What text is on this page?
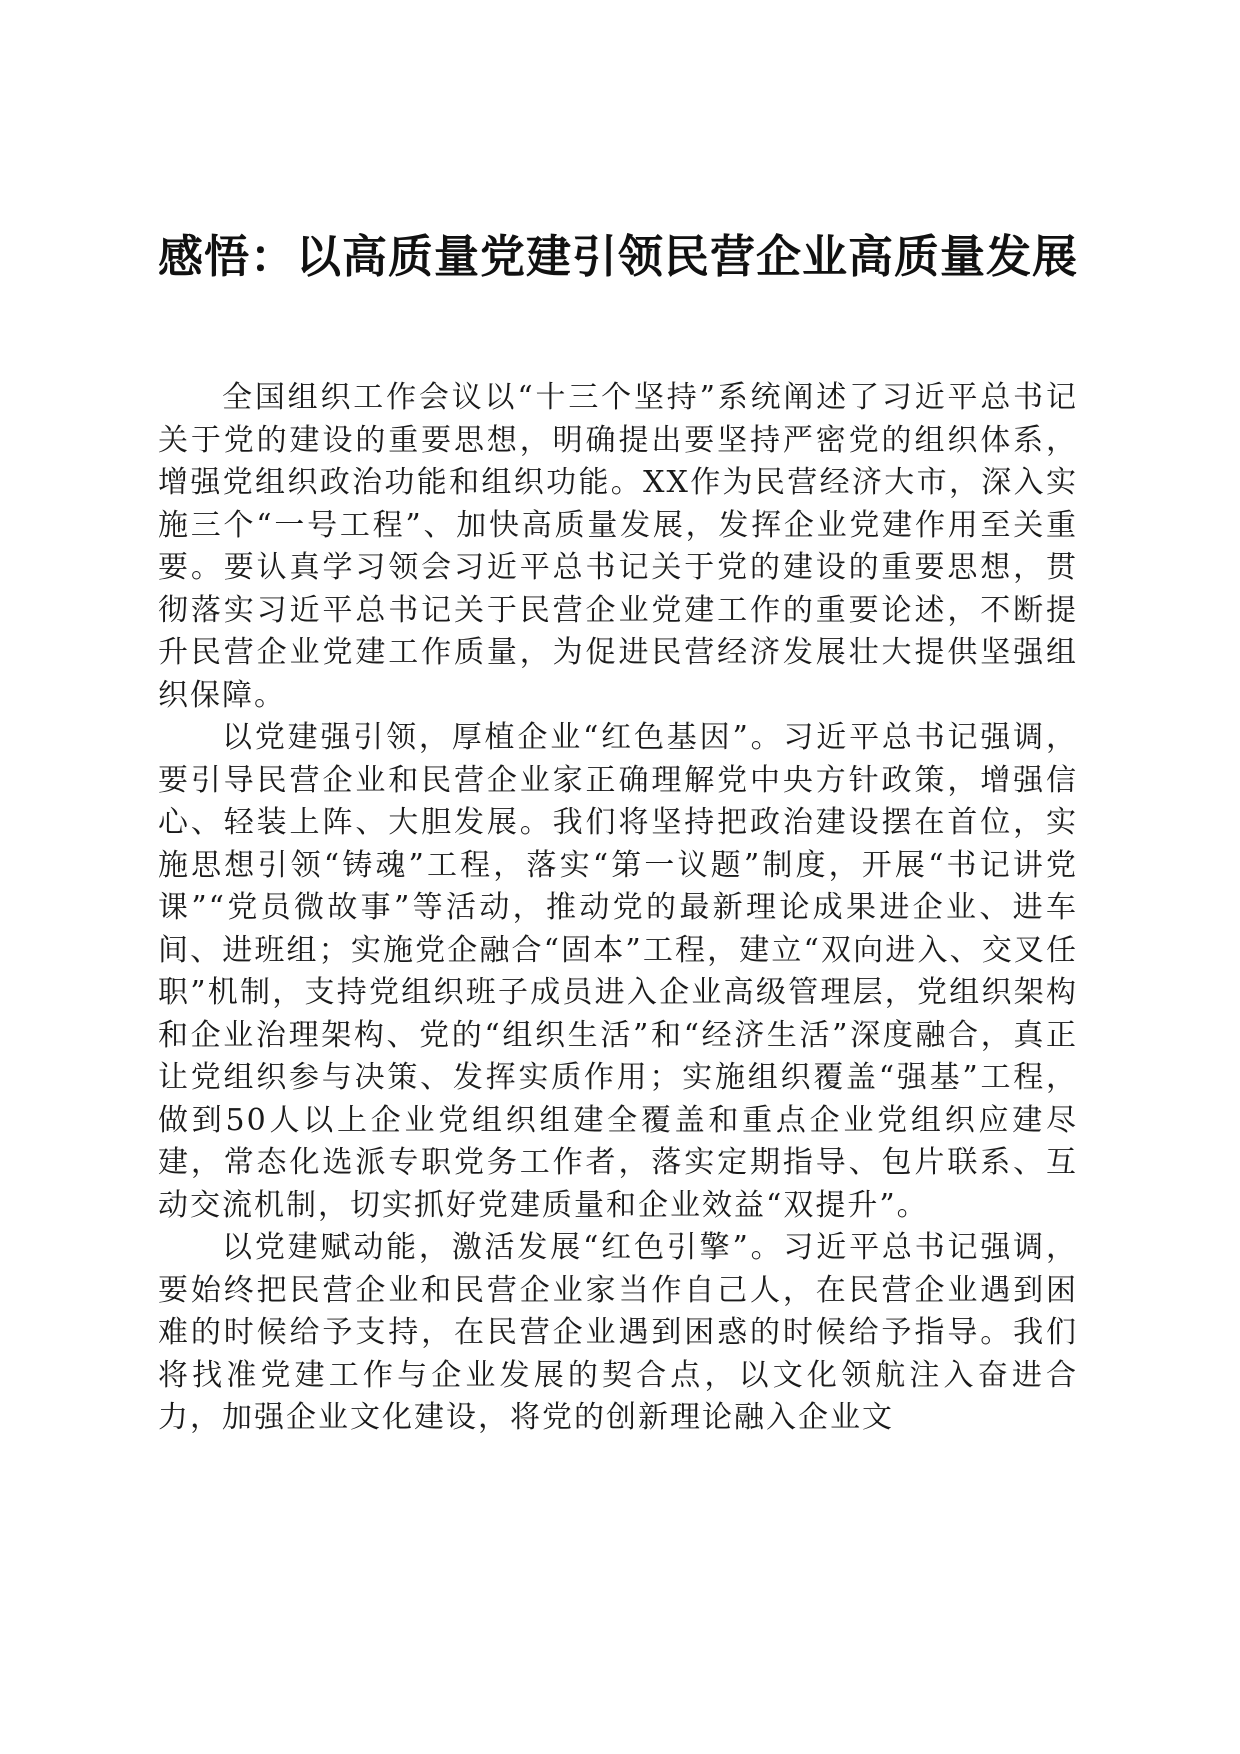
感悟：以高质量党建引领民营企业高质量发展

全国组织工作会议以“十三个坚持”系统阐述了习近平总书记关于党的建设的重要思想，明确提出要坚持严密党的组织体系，增强党组织政治功能和组织功能。XX作为民营经济大市，深入实施三个“一号工程”、加快高质量发展，发挥企业党建作用至关重要。要认真学习领会习近平总书记关于党的建设的重要思想，贯彻落实习近平总书记关于民营企业党建工作的重要论述，不断提升民营企业党建工作质量，为促进民营经济发展壮大提供坚强组织保障。

以党建强引领，厚植企业“红色基因”。习近平总书记强调，要引导民营企业和民营企业家正确理解党中央方针政策，增强信心、轻装上阵、大胆发展。我们将坚持把政治建设摆在首位，实施思想引领“铸魂”工程，落实“第一议题”制度，开展“书记讲党课”“党员微故事”等活动，推动党的最新理论成果进企业、进车间、进班组；实施党企融合“固本”工程，建立“双向进入、交叉任职”机制，支持党组织班子成员进入企业高级管理层，党组织架构和企业治理架构、党的“组织生活”和“经济生活”深度融合，真正让党组织参与决策、发挥实质作用；实施组织覆盖“强基”工程，做到50人以上企业党组织组建全覆盖和重点企业党组织应建尽建，常态化选派专职党务工作者，落实定期指导、包片联系、互动交流机制，切实抓好党建质量和企业效益“双提升”。

以党建赋动能，激活发展“红色引擎”。习近平总书记强调，要始终把民营企业和民营企业家当作自己人，在民营企业遇到困难的时候给予支持，在民营企业遇到困惑的时候给予指导。我们将找准党建工作与企业发展的契合点，以文化领航注入奋进合力，加强企业文化建设，将党的创新理论融入企业文
